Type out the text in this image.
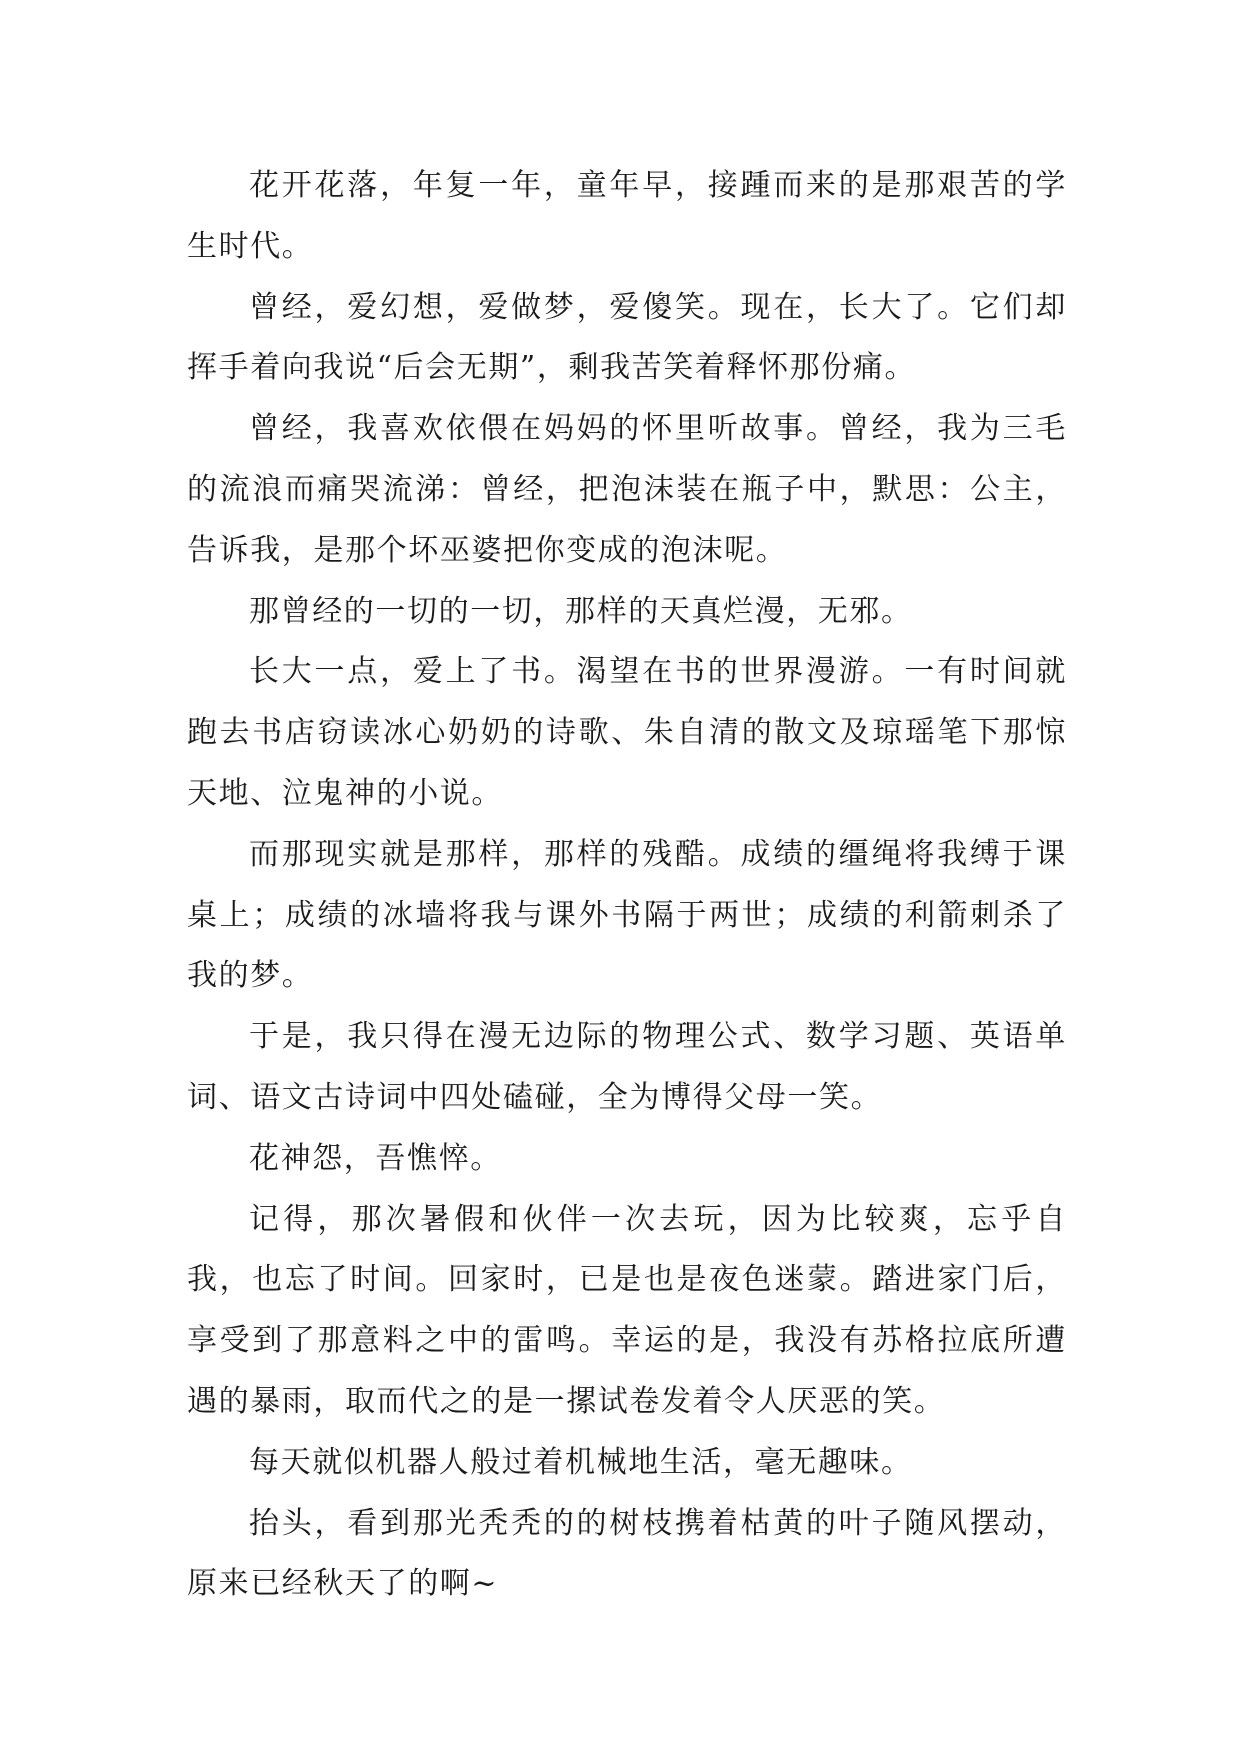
花开花落，年复一年，童年早，接踵而来的是那艰苦的学生时代。

曾经，爱幻想，爱做梦，爱傻笑。现在，长大了。它们却挥手着向我说“后会无期”，剩我苦笑着释怀那份痛。

曾经，我喜欢依偎在妈妈的怀里听故事。曾经，我为三毛的流浪而痛哭流涕：曾经，把泡沫装在瓶子中，默思：公主，告诉我，是那个坏巫婆把你变成的泡沫呢。

那曾经的一切的一切，那样的天真烂漫，无邪。

长大一点，爱上了书。渴望在书的世界漫游。一有时间就跑去书店窃读冰心奶奶的诗歌、朱自清的散文及琼瑶笔下那惊天地、泣鬼神的小说。

而那现实就是那样，那样的残酷。成绩的缰绳将我缚于课桌上；成绩的冰墙将我与课外书隔于两世；成绩的利箭刺杀了我的梦。

于是，我只得在漫无边际的物理公式、数学习题、英语单词、语文古诗词中四处磕碰，全为博得父母一笑。

花神怨，吾憔悴。

记得，那次暑假和伙伴一次去玩，因为比较爽，忘乎自我，也忘了时间。回家时，已是也是夜色迷蒙。踏进家门后，享受到了那意料之中的雷鸣。幸运的是，我没有苏格拉底所遭遇的暴雨，取而代之的是一摞试卷发着令人厌恶的笑。

每天就似机器人般过着机械地生活，毫无趣味。

抬头，看到那光秃秃的的树枝携着枯黄的叶子随风摆动，原来已经秋天了的啊~
